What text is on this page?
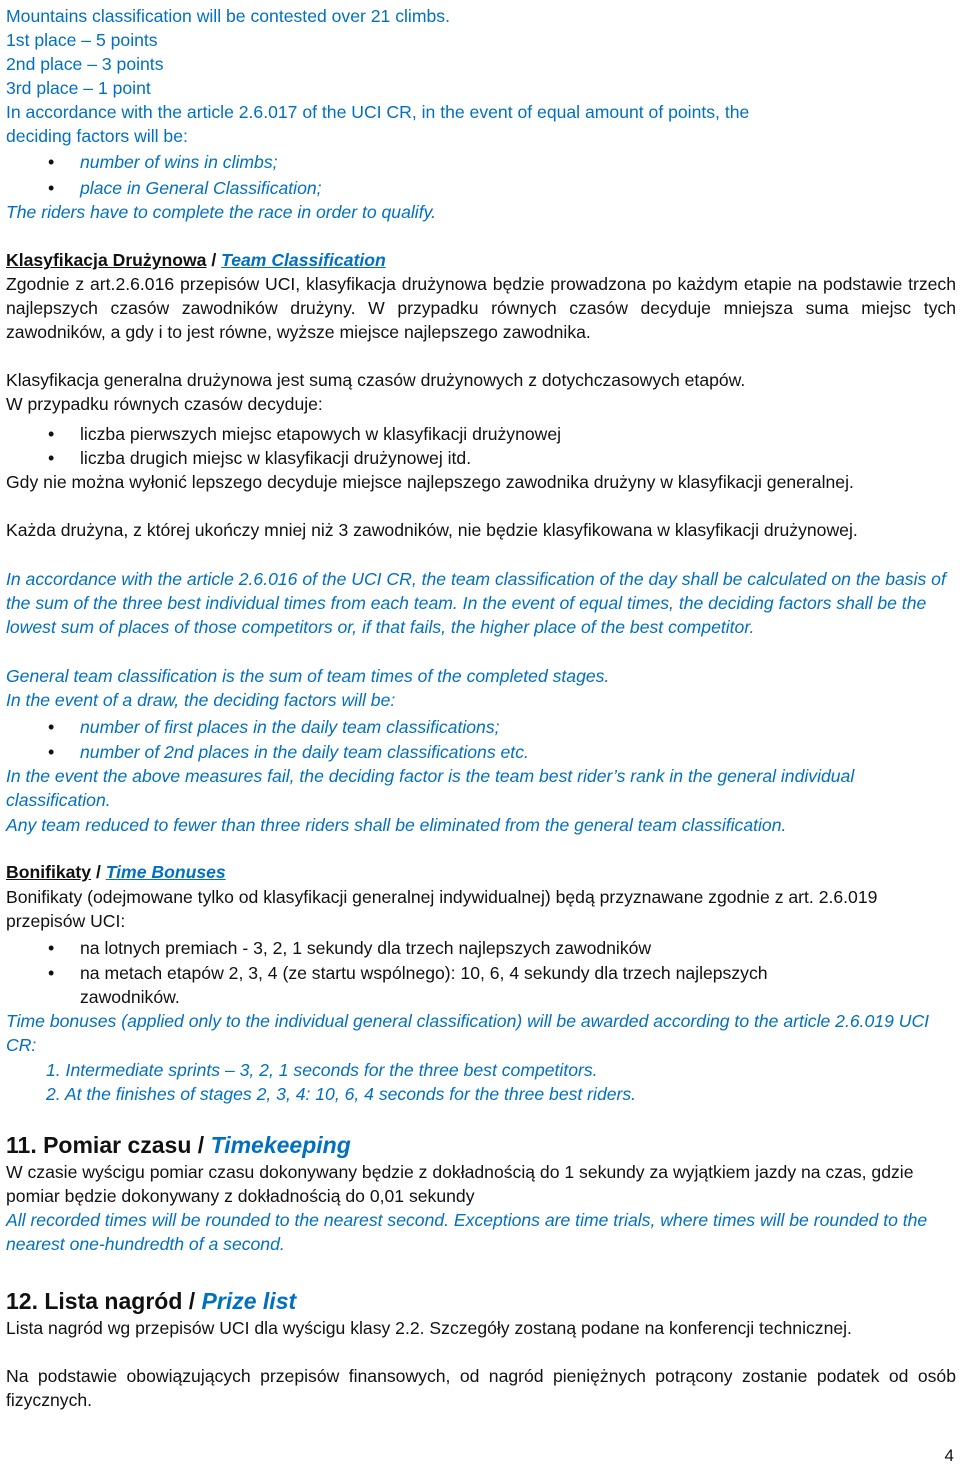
Mountains classification will be contested over 21 climbs.
1st place – 5 points
2nd place – 3 points
3rd place – 1 point
In accordance with the article 2.6.017 of the UCI CR, in the event of equal amount of points, the
deciding factors will be:
• number of wins in climbs;
• place in General Classification;
The riders have to complete the race in order to qualify.
Klasyfikacja Drużynowa / Team Classification
Zgodnie z art.2.6.016 przepisów UCI, klasyfikacja drużynowa będzie prowadzona po każdym etapie na podstawie trzech najlepszych czasów zawodników drużyny. W przypadku równych czasów decyduje mniejsza suma miejsc tych zawodników, a gdy i to jest równe, wyższe miejsce najlepszego zawodnika.
Klasyfikacja generalna drużynowa jest sumą czasów drużynowych z dotychczasowych etapów.
W przypadku równych czasów decyduje:
• liczba pierwszych miejsc etapowych w klasyfikacji drużynowej
• liczba drugich miejsc w klasyfikacji drużynowej itd.
Gdy nie można wyłonić lepszego decyduje miejsce najlepszego zawodnika drużyny w klasyfikacji generalnej.
Każda drużyna, z której ukończy mniej niż 3 zawodników, nie będzie klasyfikowana w klasyfikacji drużynowej.
In accordance with the article 2.6.016 of the UCI CR, the team classification of the day shall be calculated on the basis of the sum of the three best individual times from each team. In the event of equal times, the deciding factors shall be the lowest sum of places of those competitors or, if that fails, the higher place of the best competitor.
General team classification is the sum of team times of the completed stages.
In the event of a draw, the deciding factors will be:
• number of first places in the daily team classifications;
• number of 2nd places in the daily team classifications etc.
In the event the above measures fail, the deciding factor is the team best rider’s rank in the general individual classification.
Any team reduced to fewer than three riders shall be eliminated from the general team classification.
Bonifikaty / Time Bonuses
Bonifikaty (odejmowane tylko od klasyfikacji generalnej indywidualnej) będą przyznawane zgodnie z art. 2.6.019 przepisów UCI:
• na lotnych premiach - 3, 2, 1 sekundy dla trzech najlepszych zawodników
• na metach etapów 2, 3, 4 (ze startu wspólnego): 10, 6, 4 sekundy dla trzech najlepszych
zawodników.
Time bonuses (applied only to the individual general classification) will be awarded according to the article 2.6.019 UCI CR:
1. Intermediate sprints – 3, 2, 1 seconds for the three best competitors.
2. At the finishes of stages 2, 3, 4: 10, 6, 4 seconds for the three best riders.
11. Pomiar czasu / Timekeeping
W czasie wyścigu pomiar czasu dokonywany będzie z dokładnością do 1 sekundy za wyjątkiem jazdy na czas, gdzie pomiar będzie dokonywany z dokładnością do 0,01 sekundy
All recorded times will be rounded to the nearest second. Exceptions are time trials, where times will be rounded to the nearest one-hundredth of a second.
12. Lista nagród / Prize list
Lista nagród wg przepisów UCI dla wyścigu klasy 2.2. Szczegóły zostaną podane na konferencji technicznej.
Na podstawie obowiązujących przepisów finansowych, od nagród pieniężnych potrącony zostanie podatek od osób fizycznych.
4
